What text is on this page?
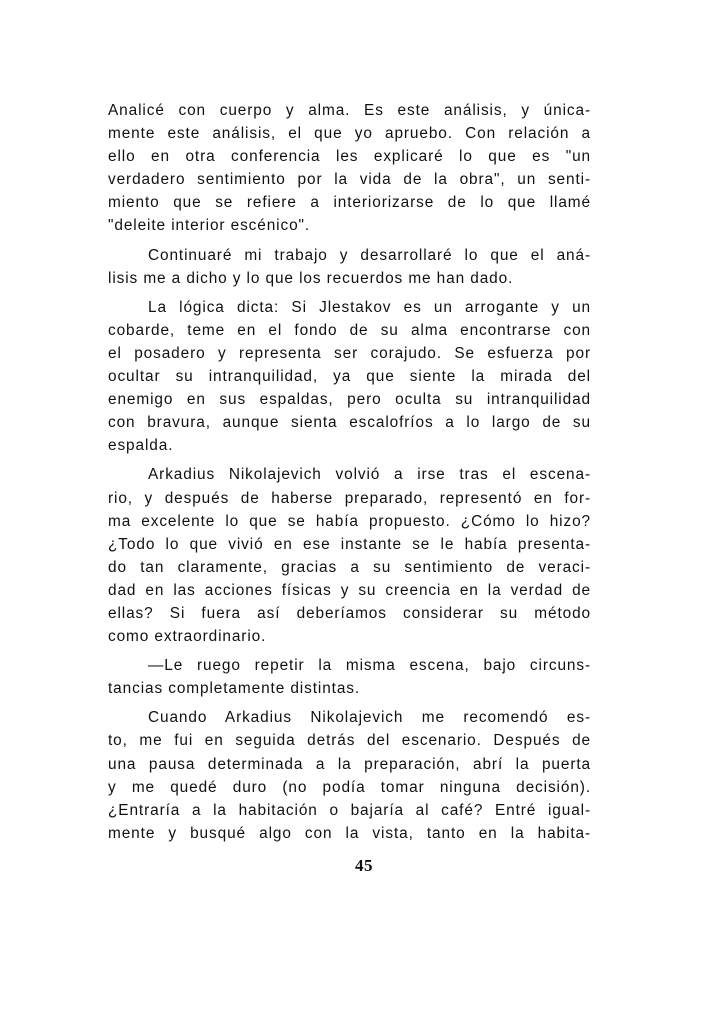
Analicé con cuerpo y alma. Es este análisis, y única-
mente este análisis, el que yo apruebo. Con relación a
ello en otra conferencia les explicaré lo que es "un
verdadero sentimiento por la vida de la obra", un senti-
miento que se refiere a interiorizarse de lo que llamé
"deleite interior escénico".
Continuaré mi trabajo y desarrollaré lo que el aná-
lisis me a dicho y lo que los recuerdos me han dado.
La lógica dicta: Si Jlestakov es un arrogante y un
cobarde, teme en el fondo de su alma encontrarse con
el posadero y representa ser corajudo. Se esfuerza por
ocultar su intranquilidad, ya que siente la mirada del
enemigo en sus espaldas, pero oculta su intranquilidad
con bravura, aunque sienta escalofríos a lo largo de su
espalda.
Arkadius Nikolajevich volvió a irse tras el escena-
rio, y después de haberse preparado, representó en for-
ma excelente lo que se había propuesto. ¿Cómo lo hizo?
¿Todo lo que vivió en ese instante se le había presenta-
do tan claramente, gracias a su sentimiento de veraci-
dad en las acciones físicas y su creencia en la verdad de
ellas? Si fuera así deberíamos considerar su método
como extraordinario.
—Le ruego repetir la misma escena, bajo circuns-
tancias completamente distintas.
Cuando Arkadius Nikolajevich me recomendó es-
to, me fui en seguida detrás del escenario. Después de
una pausa determinada a la preparación, abrí la puerta
y me quedé duro (no podía tomar ninguna decisión).
¿Entraría a la habitación o bajaría al café? Entré igual-
mente y busqué algo con la vista, tanto en la habita-
45
